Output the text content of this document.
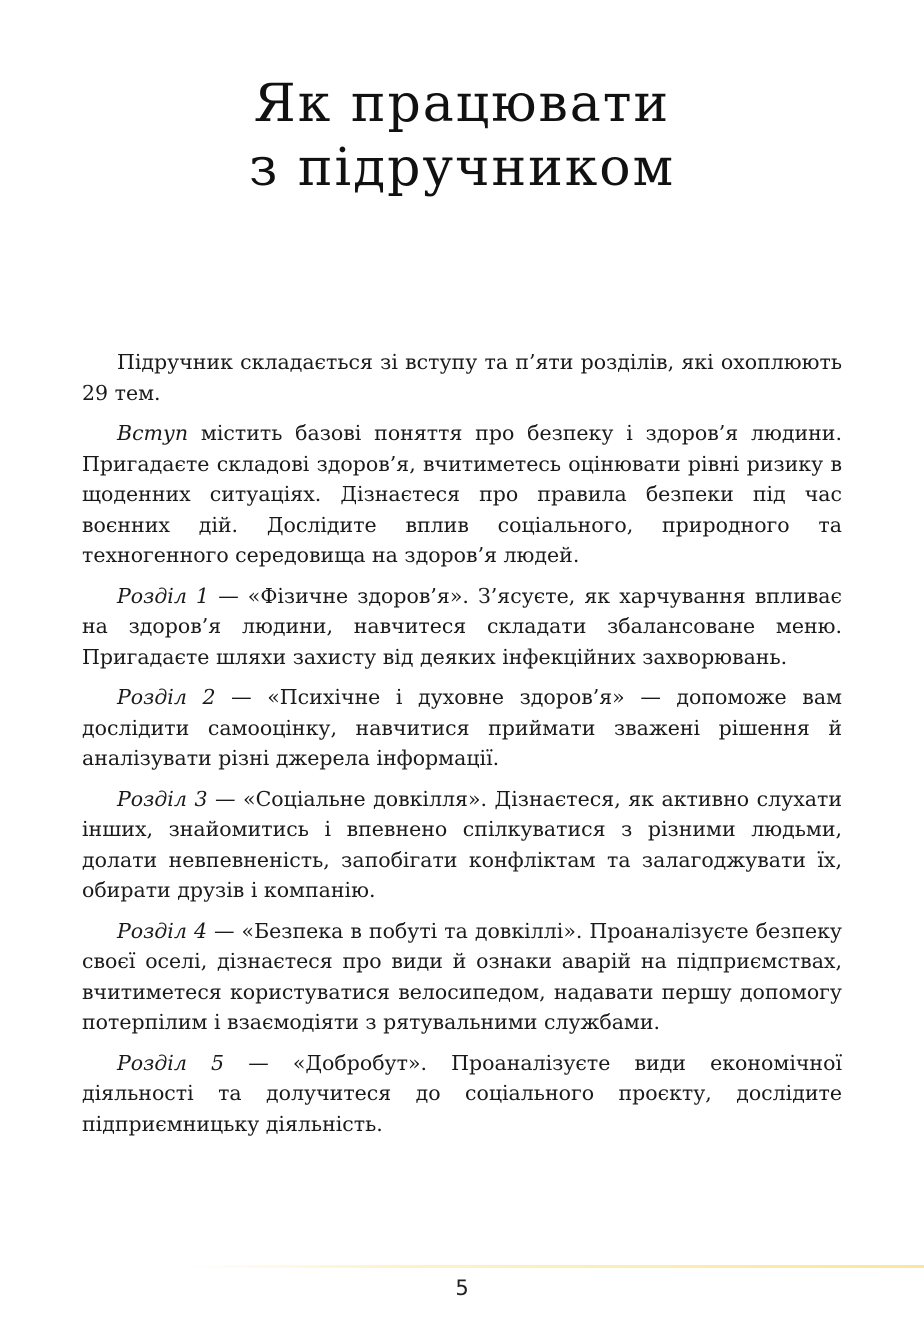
Як працювати
з підручником

Підручник складається зі вступу та п’яти розділів, які охоплюють 29 тем.

Вступ містить базові поняття про безпеку і здоров’я людини. Пригадаєте складові здоров’я, вчитиметесь оцінювати рівні ризику в щоденних ситуаціях. Дізнаєтеся про правила безпеки під час воєнних дій. Дослідите вплив соціального, природного та техногенного середовища на здоров’я людей.

Розділ 1 — «Фізичне здоров’я». З’ясуєте, як харчування впливає на здоров’я людини, навчитеся складати збалансоване меню. Пригадаєте шляхи захисту від деяких інфекційних захворювань.

Розділ 2 — «Психічне і духовне здоров’я» — допоможе вам дослідити самооцінку, навчитися приймати зважені рішення й аналізувати різні джерела інформації.

Розділ 3 — «Соціальне довкілля». Дізнаєтеся, як активно слухати інших, знайомитись і впевнено спілкуватися з різними людьми, долати невпевненість, запобігати конфліктам та залагоджувати їх, обирати друзів і компанію.

Розділ 4 — «Безпека в побуті та довкіллі». Проаналізуєте безпеку своєї оселі, дізнаєтеся про види й ознаки аварій на підприємствах, вчитиметеся користуватися велосипедом, надавати першу допомогу потерпілим і взаємодіяти з рятувальними службами.

Розділ 5 — «Добробут». Проаналізуєте види економічної діяльності та долучитеся до соціального проєкту, дослідите підприємницьку діяльність.

5
